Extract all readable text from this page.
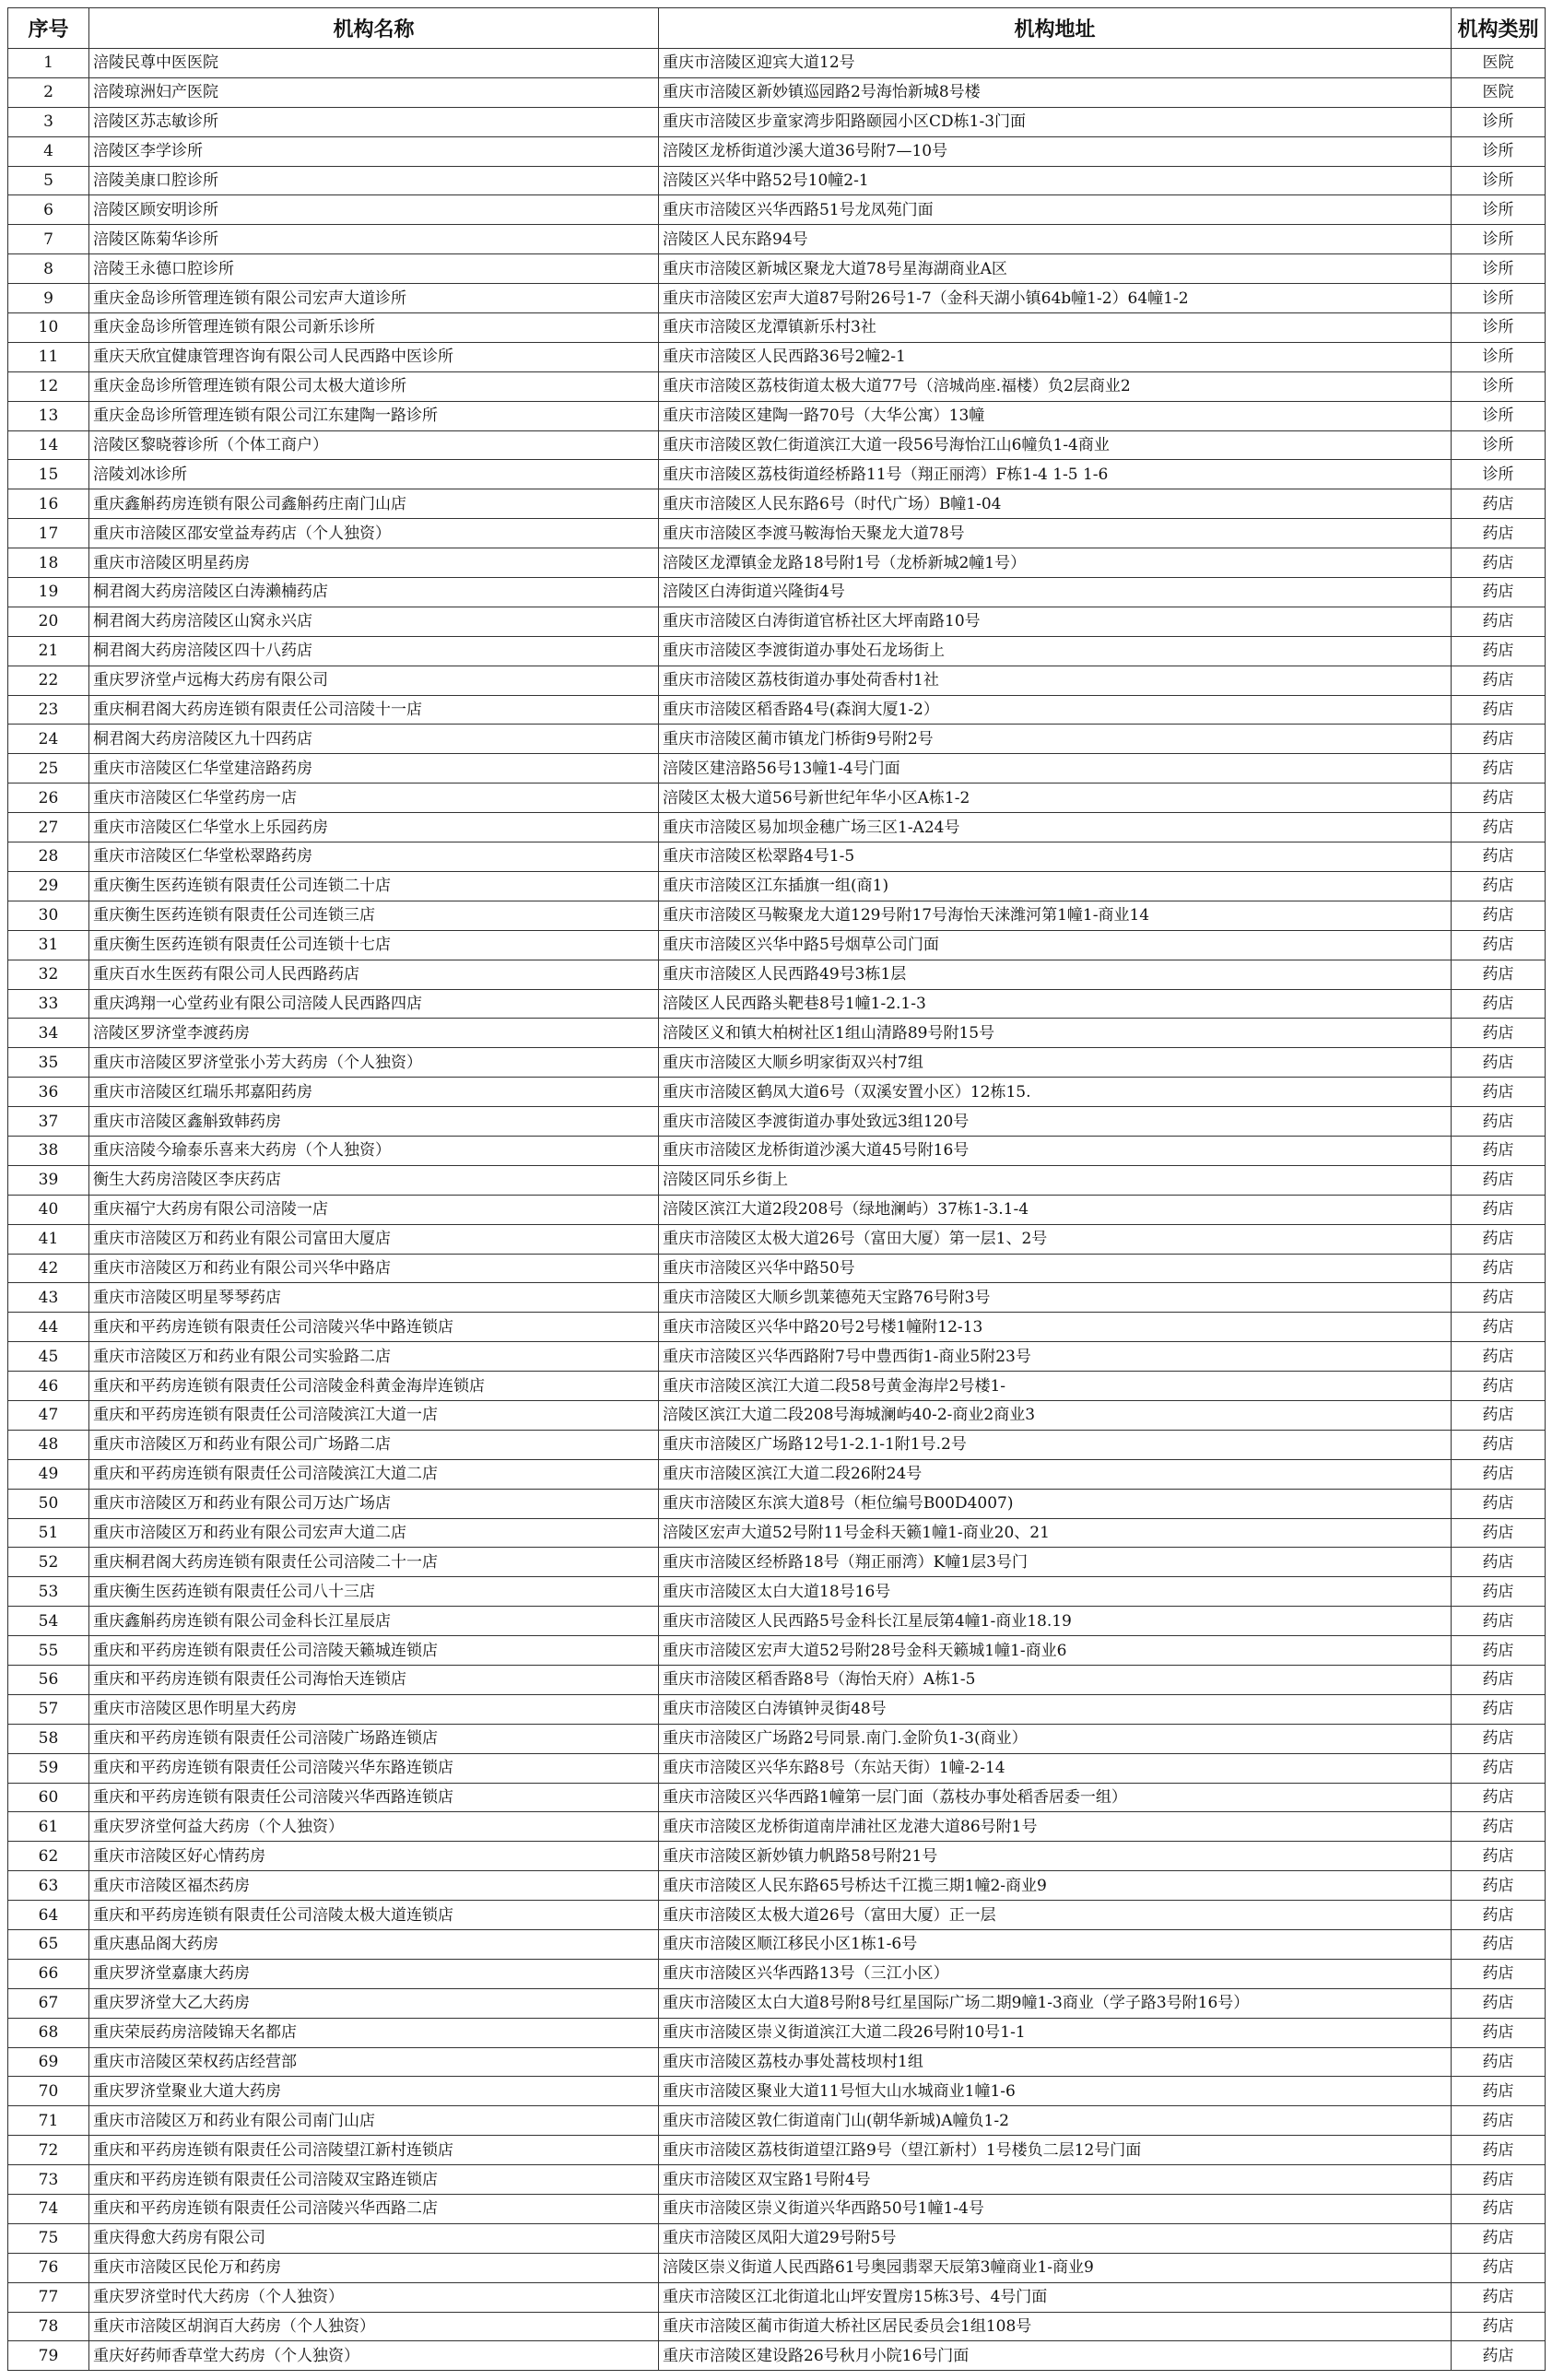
序号	机构名称	机构地址	机构类别
1	涪陵民尊中医医院	重庆市涪陵区迎宾大道12号	医院
2	涪陵琼洲妇产医院	重庆市涪陵区新妙镇巡园路2号海怡新城8号楼	医院
3	涪陵区苏志敏诊所	重庆市涪陵区步童家湾步阳路颐园小区CD栋1-3门面	诊所
4	涪陵区李学诊所	涪陵区龙桥街道沙溪大道36号附7—10号	诊所
5	涪陵美康口腔诊所	涪陵区兴华中路52号10幢2-1	诊所
6	涪陵区顾安明诊所	重庆市涪陵区兴华西路51号龙凤苑门面	诊所
7	涪陵区陈菊华诊所	涪陵区人民东路94号	诊所
8	涪陵王永德口腔诊所	重庆市涪陵区新城区聚龙大道78号星海湖商业A区	诊所
9	重庆金岛诊所管理连锁有限公司宏声大道诊所	重庆市涪陵区宏声大道87号附26号1-7（金科天湖小镇64b幢1-2）64幢1-2	诊所
10	重庆金岛诊所管理连锁有限公司新乐诊所	重庆市涪陵区龙潭镇新乐村3社	诊所
11	重庆天欣宜健康管理咨询有限公司人民西路中医诊所	重庆市涪陵区人民西路36号2幢2-1	诊所
12	重庆金岛诊所管理连锁有限公司太极大道诊所	重庆市涪陵区荔枝街道太极大道77号（涪城尚座.福楼）负2层商业2	诊所
13	重庆金岛诊所管理连锁有限公司江东建陶一路诊所	重庆市涪陵区建陶一路70号（大华公寓）13幢	诊所
14	涪陵区黎晓蓉诊所（个体工商户）	重庆市涪陵区敦仁街道滨江大道一段56号海怡江山6幢负1-4商业	诊所
15	涪陵刘冰诊所	重庆市涪陵区荔枝街道经桥路11号（翔正丽湾）F栋1-4 1-5 1-6	诊所
16	重庆鑫斛药房连锁有限公司鑫斛药庄南门山店	重庆市涪陵区人民东路6号（时代广场）B幢1-04	药店
17	重庆市涪陵区邵安堂益寿药店（个人独资）	重庆市涪陵区李渡马鞍海怡天聚龙大道78号	药店
18	重庆市涪陵区明星药房	涪陵区龙潭镇金龙路18号附1号（龙桥新城2幢1号）	药店
19	桐君阁大药房涪陵区白涛濑楠药店	涪陵区白涛街道兴隆街4号	药店
20	桐君阁大药房涪陵区山窝永兴店	重庆市涪陵区白涛街道官桥社区大坪南路10号	药店
21	桐君阁大药房涪陵区四十八药店	重庆市涪陵区李渡街道办事处石龙场街上	药店
22	重庆罗济堂卢远梅大药房有限公司	重庆市涪陵区荔枝街道办事处荷香村1社	药店
23	重庆桐君阁大药房连锁有限责任公司涪陵十一店	重庆市涪陵区稻香路4号(森润大厦1-2）	药店
24	桐君阁大药房涪陵区九十四药店	重庆市涪陵区蔺市镇龙门桥街9号附2号	药店
25	重庆市涪陵区仁华堂建涪路药房	涪陵区建涪路56号13幢1-4号门面	药店
26	重庆市涪陵区仁华堂药房一店	涪陵区太极大道56号新世纪年华小区A栋1-2	药店
27	重庆市涪陵区仁华堂水上乐园药房	重庆市涪陵区易加坝金穗广场三区1-A24号	药店
28	重庆市涪陵区仁华堂松翠路药房	重庆市涪陵区松翠路4号1-5	药店
29	重庆衡生医药连锁有限责任公司连锁二十店	重庆市涪陵区江东插旗一组(商1)	药店
30	重庆衡生医药连锁有限责任公司连锁三店	重庆市涪陵区马鞍聚龙大道129号附17号海怡天涞潍河第1幢1-商业14	药店
31	重庆衡生医药连锁有限责任公司连锁十七店	重庆市涪陵区兴华中路5号烟草公司门面	药店
32	重庆百水生医药有限公司人民西路药店	重庆市涪陵区人民西路49号3栋1层	药店
33	重庆鸿翔一心堂药业有限公司涪陵人民西路四店	涪陵区人民西路头靶巷8号1幢1-2.1-3	药店
34	涪陵区罗济堂李渡药房	涪陵区义和镇大柏树社区1组山清路89号附15号	药店
35	重庆市涪陵区罗济堂张小芳大药房（个人独资）	重庆市涪陵区大顺乡明家街双兴村7组	药店
36	重庆市涪陵区红瑞乐邦嘉阳药房	重庆市涪陵区鹤凤大道6号（双溪安置小区）12栋15.	药店
37	重庆市涪陵区鑫斛致韩药房	重庆市涪陵区李渡街道办事处致远3组120号	药店
38	重庆涪陵今瑜泰乐喜来大药房（个人独资）	重庆市涪陵区龙桥街道沙溪大道45号附16号	药店
39	衡生大药房涪陵区李庆药店	涪陵区同乐乡街上	药店
40	重庆福宁大药房有限公司涪陵一店	涪陵区滨江大道2段208号（绿地澜屿）37栋1-3.1-4	药店
41	重庆市涪陵区万和药业有限公司富田大厦店	重庆市涪陵区太极大道26号（富田大厦）第一层1、2号	药店
42	重庆市涪陵区万和药业有限公司兴华中路店	重庆市涪陵区兴华中路50号	药店
43	重庆市涪陵区明星琴琴药店	重庆市涪陵区大顺乡凯莱德苑天宝路76号附3号	药店
44	重庆和平药房连锁有限责任公司涪陵兴华中路连锁店	重庆市涪陵区兴华中路20号2号楼1幢附12-13	药店
45	重庆市涪陵区万和药业有限公司实验路二店	重庆市涪陵区兴华西路附7号中豊西街1-商业5附23号	药店
46	重庆和平药房连锁有限责任公司涪陵金科黄金海岸连锁店	重庆市涪陵区滨江大道二段58号黄金海岸2号楼1-	药店
47	重庆和平药房连锁有限责任公司涪陵滨江大道一店	涪陵区滨江大道二段208号海城澜屿40-2-商业2商业3	药店
48	重庆市涪陵区万和药业有限公司广场路二店	重庆市涪陵区广场路12号1-2.1-1附1号.2号	药店
49	重庆和平药房连锁有限责任公司涪陵滨江大道二店	重庆市涪陵区滨江大道二段26附24号	药店
50	重庆市涪陵区万和药业有限公司万达广场店	重庆市涪陵区东滨大道8号（柜位编号B00D4007)	药店
51	重庆市涪陵区万和药业有限公司宏声大道二店	涪陵区宏声大道52号附11号金科天籁1幢1-商业20、21	药店
52	重庆桐君阁大药房连锁有限责任公司涪陵二十一店	重庆市涪陵区经桥路18号（翔正丽湾）K幢1层3号门	药店
53	重庆衡生医药连锁有限责任公司八十三店	重庆市涪陵区太白大道18号16号	药店
54	重庆鑫斛药房连锁有限公司金科长江星辰店	重庆市涪陵区人民西路5号金科长江星辰第4幢1-商业18.19	药店
55	重庆和平药房连锁有限责任公司涪陵天籁城连锁店	重庆市涪陵区宏声大道52号附28号金科天籁城1幢1-商业6	药店
56	重庆和平药房连锁有限责任公司海怡天连锁店	重庆市涪陵区稻香路8号（海怡天府）A栋1-5	药店
57	重庆市涪陵区思作明星大药房	重庆市涪陵区白涛镇钟灵街48号	药店
58	重庆和平药房连锁有限责任公司涪陵广场路连锁店	重庆市涪陵区广场路2号同景.南门.金阶负1-3(商业）	药店
59	重庆和平药房连锁有限责任公司涪陵兴华东路连锁店	重庆市涪陵区兴华东路8号（东站天街）1幢-2-14	药店
60	重庆和平药房连锁有限责任公司涪陵兴华西路连锁店	重庆市涪陵区兴华西路1幢第一层门面（荔枝办事处稻香居委一组）	药店
61	重庆罗济堂何益大药房（个人独资）	重庆市涪陵区龙桥街道南岸浦社区龙港大道86号附1号	药店
62	重庆市涪陵区好心情药房	重庆市涪陵区新妙镇力帆路58号附21号	药店
63	重庆市涪陵区福杰药房	重庆市涪陵区人民东路65号桥达千江揽三期1幢2-商业9	药店
64	重庆和平药房连锁有限责任公司涪陵太极大道连锁店	重庆市涪陵区太极大道26号（富田大厦）正一层	药店
65	重庆惠品阁大药房	重庆市涪陵区顺江移民小区1栋1-6号	药店
66	重庆罗济堂嘉康大药房	重庆市涪陵区兴华西路13号（三江小区）	药店
67	重庆罗济堂大乙大药房	重庆市涪陵区太白大道8号附8号红星国际广场二期9幢1-3商业（学子路3号附16号）	药店
68	重庆荣辰药房涪陵锦天名都店	重庆市涪陵区崇义街道滨江大道二段26号附10号1-1	药店
69	重庆市涪陵区荣权药店经营部	重庆市涪陵区荔枝办事处蒿枝坝村1组	药店
70	重庆罗济堂聚业大道大药房	重庆市涪陵区聚业大道11号恒大山水城商业1幢1-6	药店
71	重庆市涪陵区万和药业有限公司南门山店	重庆市涪陵区敦仁街道南门山(朝华新城)A幢负1-2	药店
72	重庆和平药房连锁有限责任公司涪陵望江新村连锁店	重庆市涪陵区荔枝街道望江路9号（望江新村）1号楼负二层12号门面	药店
73	重庆和平药房连锁有限责任公司涪陵双宝路连锁店	重庆市涪陵区双宝路1号附4号	药店
74	重庆和平药房连锁有限责任公司涪陵兴华西路二店	重庆市涪陵区崇义街道兴华西路50号1幢1-4号	药店
75	重庆得愈大药房有限公司	重庆市涪陵区凤阳大道29号附5号	药店
76	重庆市涪陵区民伦万和药房	涪陵区崇义街道人民西路61号奥园翡翠天辰第3幢商业1-商业9	药店
77	重庆罗济堂时代大药房（个人独资）	重庆市涪陵区江北街道北山坪安置房15栋3号、4号门面	药店
78	重庆市涪陵区胡润百大药房（个人独资）	重庆市涪陵区蔺市街道大桥社区居民委员会1组108号	药店
79	重庆好药师香草堂大药房（个人独资）	重庆市涪陵区建设路26号秋月小院16号门面	药店
